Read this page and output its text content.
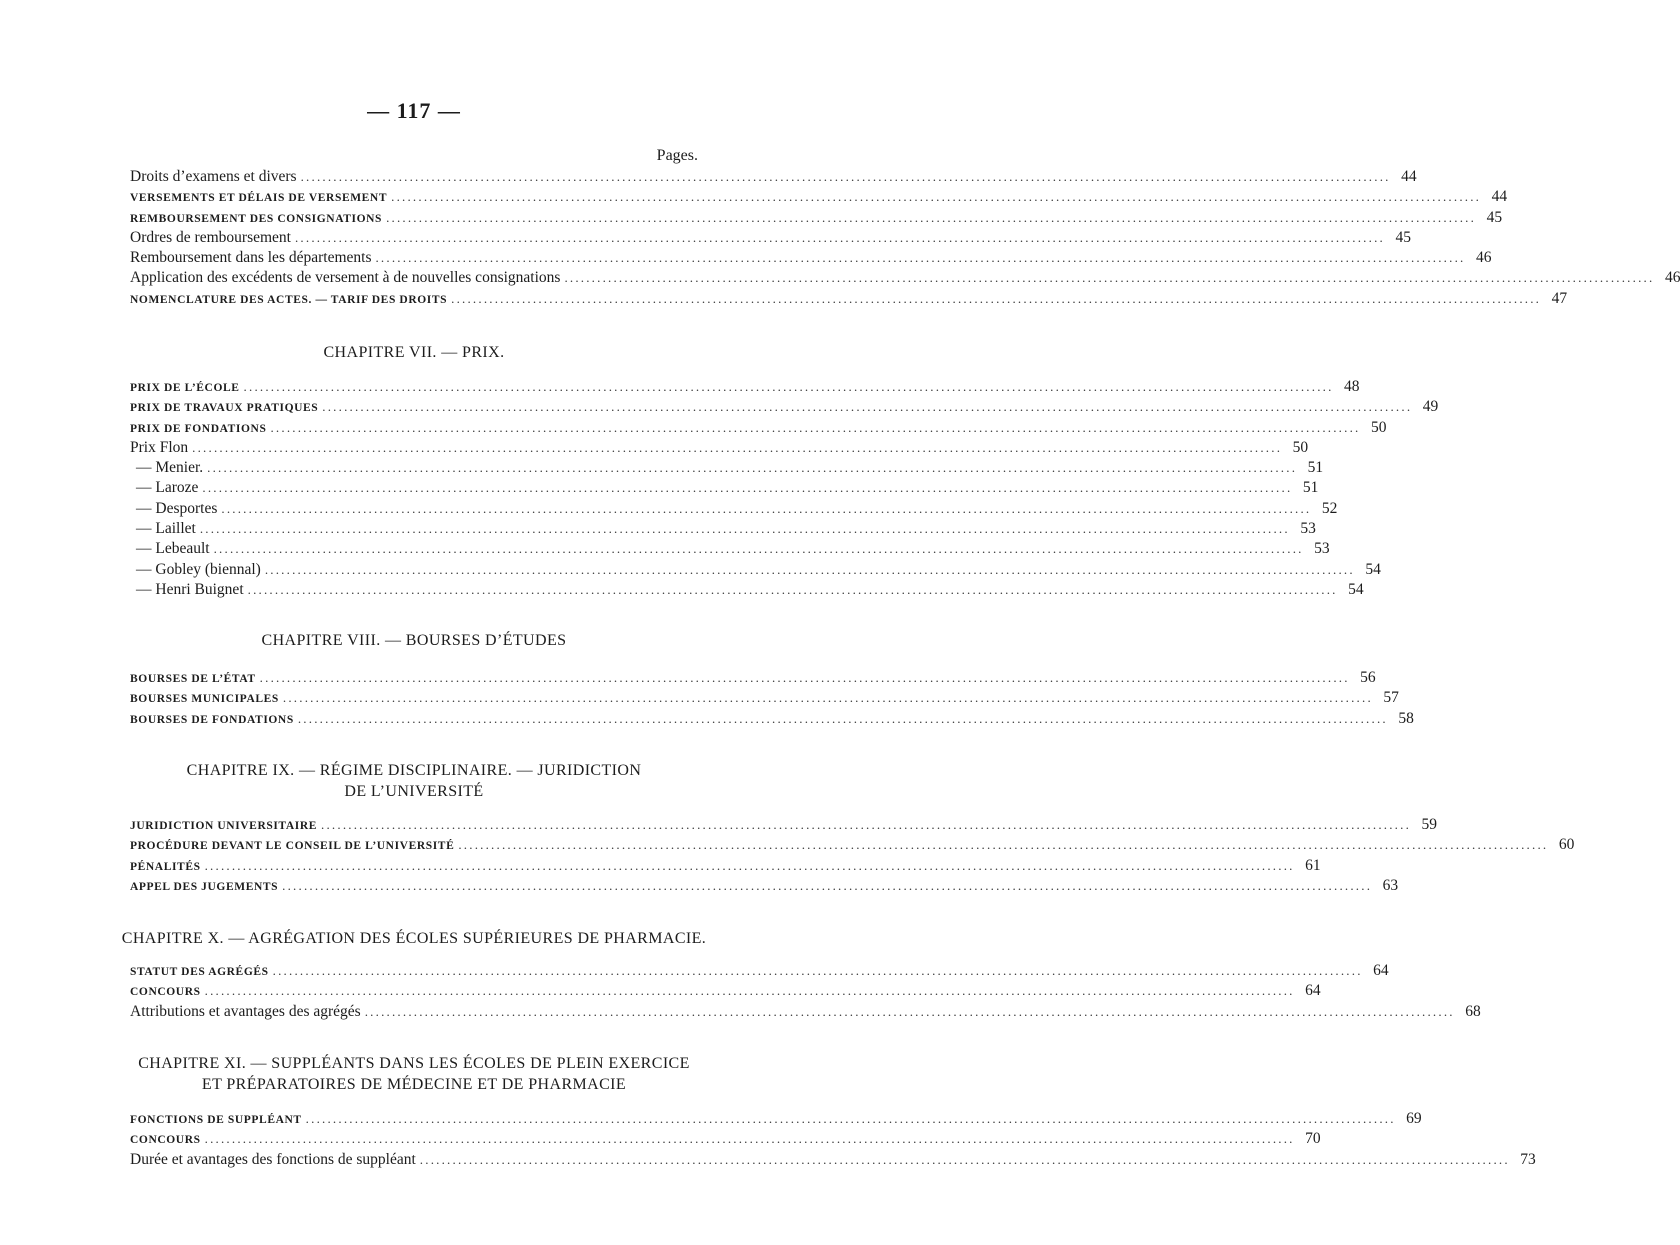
— 117 —
Pages.
Droits d’examens et divers ........................................................................................................................................................................................................ 44
VERSEMENTS ET DÉLAIS DE VERSEMENT ........................................................................................................................................................................................................ 44
REMBOURSEMENT DES CONSIGNATIONS ........................................................................................................................................................................................................ 45
Ordres de remboursement ........................................................................................................................................................................................................ 45
Remboursement dans les départements ........................................................................................................................................................................................................ 46
Application des excédents de versement à de nouvelles consignations ........................................................................................................................................................................................................ 46
NOMENCLATURE DES ACTES. — TARIF DES DROITS ........................................................................................................................................................................................................ 47
CHAPITRE VII. — PRIX.
PRIX DE L’ÉCOLE ........................................................................................................................................................................................................ 48
PRIX DE TRAVAUX PRATIQUES ........................................................................................................................................................................................................ 49
PRIX DE FONDATIONS ........................................................................................................................................................................................................ 50
Prix Flon ........................................................................................................................................................................................................ 50
— Menier. ........................................................................................................................................................................................................ 51
— Laroze ........................................................................................................................................................................................................ 51
— Desportes ........................................................................................................................................................................................................ 52
— Laillet ........................................................................................................................................................................................................ 53
— Lebeault ........................................................................................................................................................................................................ 53
— Gobley (biennal) ........................................................................................................................................................................................................ 54
— Henri Buignet ........................................................................................................................................................................................................ 54
CHAPITRE VIII. — BOURSES D’ÉTUDES
BOURSES DE L’ÉTAT ........................................................................................................................................................................................................ 56
BOURSES MUNICIPALES ........................................................................................................................................................................................................ 57
BOURSES DE FONDATIONS ........................................................................................................................................................................................................ 58
CHAPITRE IX. — RÉGIME DISCIPLINAIRE. — JURIDICTION
DE L’UNIVERSITÉ
JURIDICTION UNIVERSITAIRE ........................................................................................................................................................................................................ 59
PROCÉDURE DEVANT LE CONSEIL DE L’UNIVERSITÉ ........................................................................................................................................................................................................ 60
PÉNALITÉS ........................................................................................................................................................................................................ 61
APPEL DES JUGEMENTS ........................................................................................................................................................................................................ 63
CHAPITRE X. — AGRÉGATION DES ÉCOLES SUPÉRIEURES DE PHARMACIE.
STATUT DES AGRÉGÉS ........................................................................................................................................................................................................ 64
CONCOURS ........................................................................................................................................................................................................ 64
Attributions et avantages des agrégés ........................................................................................................................................................................................................ 68
CHAPITRE XI. — SUPPLÉANTS DANS LES ÉCOLES DE PLEIN EXERCICE
ET PRÉPARATOIRES DE MÉDECINE ET DE PHARMACIE
FONCTIONS DE SUPPLÉANT ........................................................................................................................................................................................................ 69
CONCOURS ........................................................................................................................................................................................................ 70
Durée et avantages des fonctions de suppléant ........................................................................................................................................................................................................ 73
